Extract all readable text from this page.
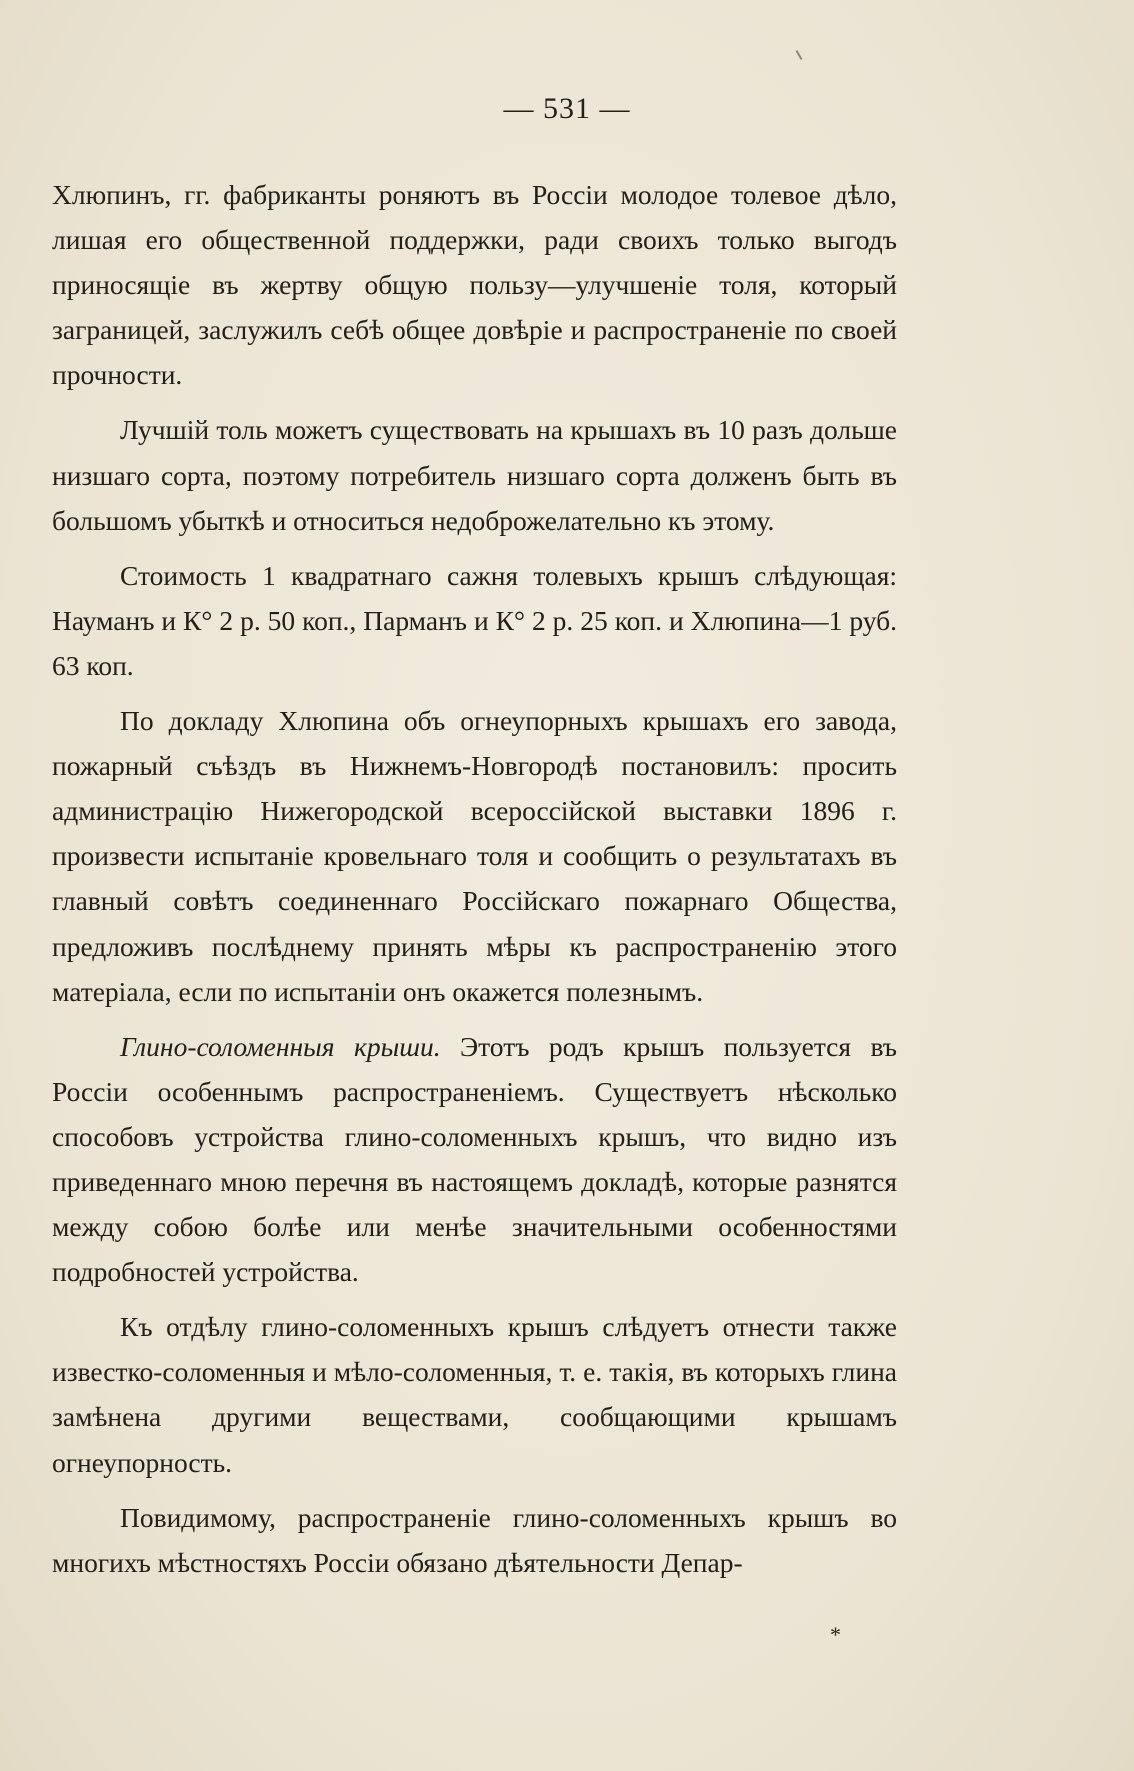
— 531 —

Хлюпинъ, гг. фабриканты роняютъ въ Россіи молодое толевое дѣло, лишая его общественной поддержки, ради своихъ только выгодъ приносящіе въ жертву общую пользу—улучшеніе толя, который заграницей, заслужилъ себѣ общее довѣріе и распространеніе по своей прочности.

Лучшій толь можетъ существовать на крышахъ въ 10 разъ дольше низшаго сорта, поэтому потребитель низшаго сорта долженъ быть въ большомъ убыткѣ и относиться недоброжелательно къ этому.

Стоимость 1 квадратнаго сажня толевыхъ крышъ слѣдующая: Науманъ и К° 2 р. 50 коп., Парманъ и К° 2 р. 25 коп. и Хлюпина—1 руб. 63 коп.

По докладу Хлюпина объ огнеупорныхъ крышахъ его завода, пожарный съѣздъ въ Нижнемъ-Новгородѣ постановилъ: просить администрацію Нижегородской всероссійской выставки 1896 г. произвести испытаніе кровельнаго толя и сообщить о результатахъ въ главный совѣтъ соединеннаго Россійскаго пожарнаго Общества, предложивъ послѣднему принять мѣры къ распространенію этого матеріала, если по испытаніи онъ окажется полезнымъ.

Глино-соломенныя крыши. Этотъ родъ крышъ пользуется въ Россіи особеннымъ распространеніемъ. Существуетъ нѣсколько способовъ устройства глино-соломенныхъ крышъ, что видно изъ приведеннаго мною перечня въ настоящемъ докладѣ, которые разнятся между собою болѣе или менѣе значительными особенностями подробностей устройства.

Къ отдѣлу глино-соломенныхъ крышъ слѣдуетъ отнести также известко-соломенныя и мѣло-соломенныя, т. е. такія, въ которыхъ глина замѣнена другими веществами, сообщающими крышамъ огнеупорность.

Повидимому, распространеніе глино-соломенныхъ крышъ во многихъ мѣстностяхъ Россіи обязано дѣятельности Депар-

*
